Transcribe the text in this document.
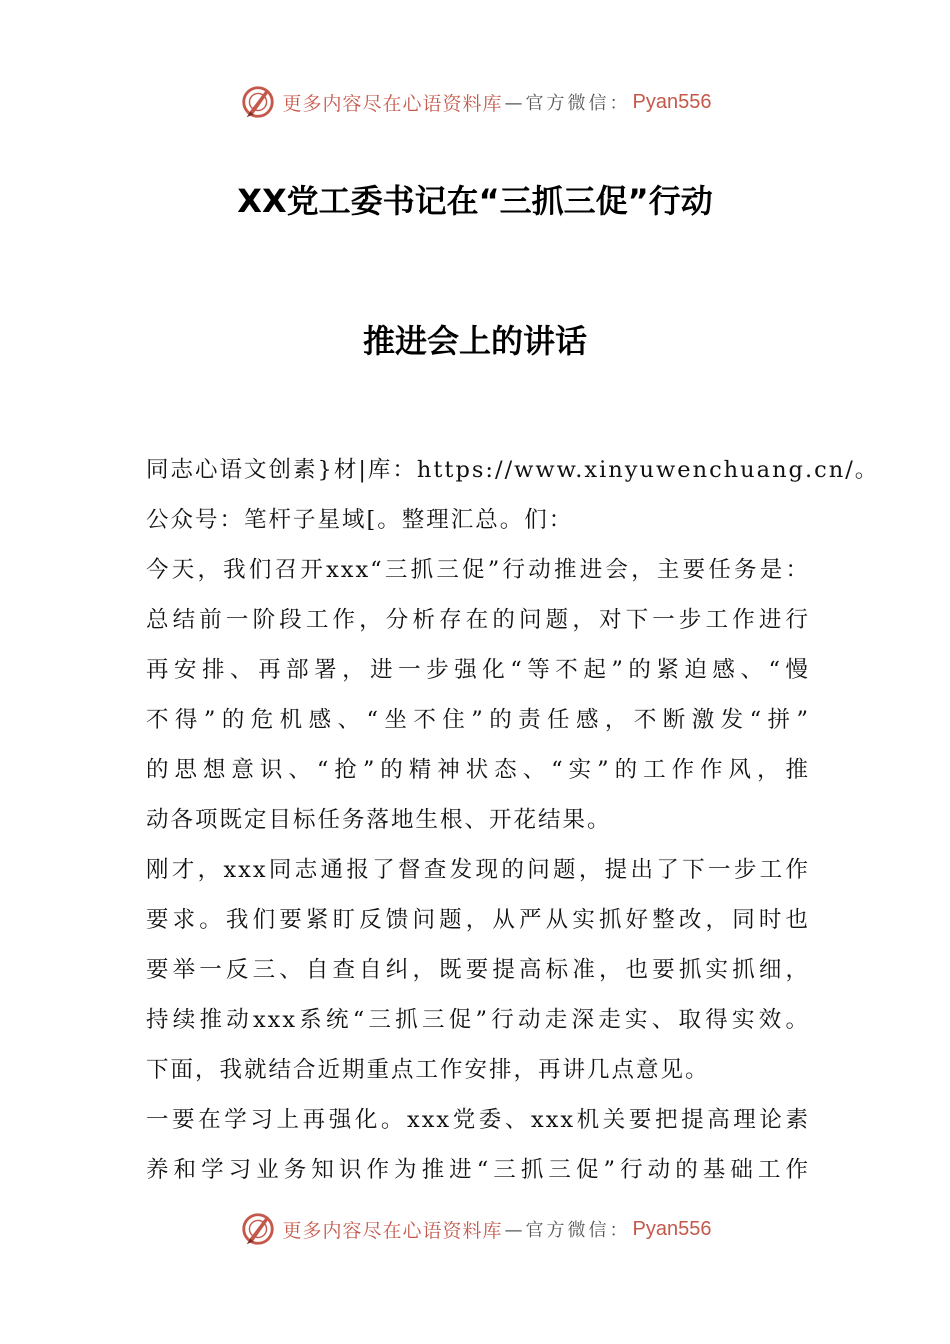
更多内容尽在心语资料库 —官方微信： Pyan556
XX党工委书记在“三抓三促”行动
推进会上的讲话
同志心语文创素}材|库：https://www.xinyuwenchuang.cn/。
公众号：笔杆子星域[。整理汇总。们：
今天，我们召开xxx“三抓三促”行动推进会，主要任务是：
总结前一阶段工作，分析存在的问题，对下一步工作进行
再安排、再部署，进一步强化“等不起”的紧迫感、“慢
不得”的危机感、“坐不住”的责任感，不断激发“拼”
的思想意识、“抢”的精神状态、“实”的工作作风，推
动各项既定目标任务落地生根、开花结果。
刚才，xxx同志通报了督查发现的问题，提出了下一步工作
要求。我们要紧盯反馈问题，从严从实抓好整改，同时也
要举一反三、自查自纠，既要提高标准，也要抓实抓细，
持续推动xxx系统“三抓三促”行动走深走实、取得实效。
下面，我就结合近期重点工作安排，再讲几点意见。
一要在学习上再强化。xxx党委、xxx机关要把提高理论素
养和学习业务知识作为推进“三抓三促”行动的基础工作
更多内容尽在心语资料库 —官方微信： Pyan556
